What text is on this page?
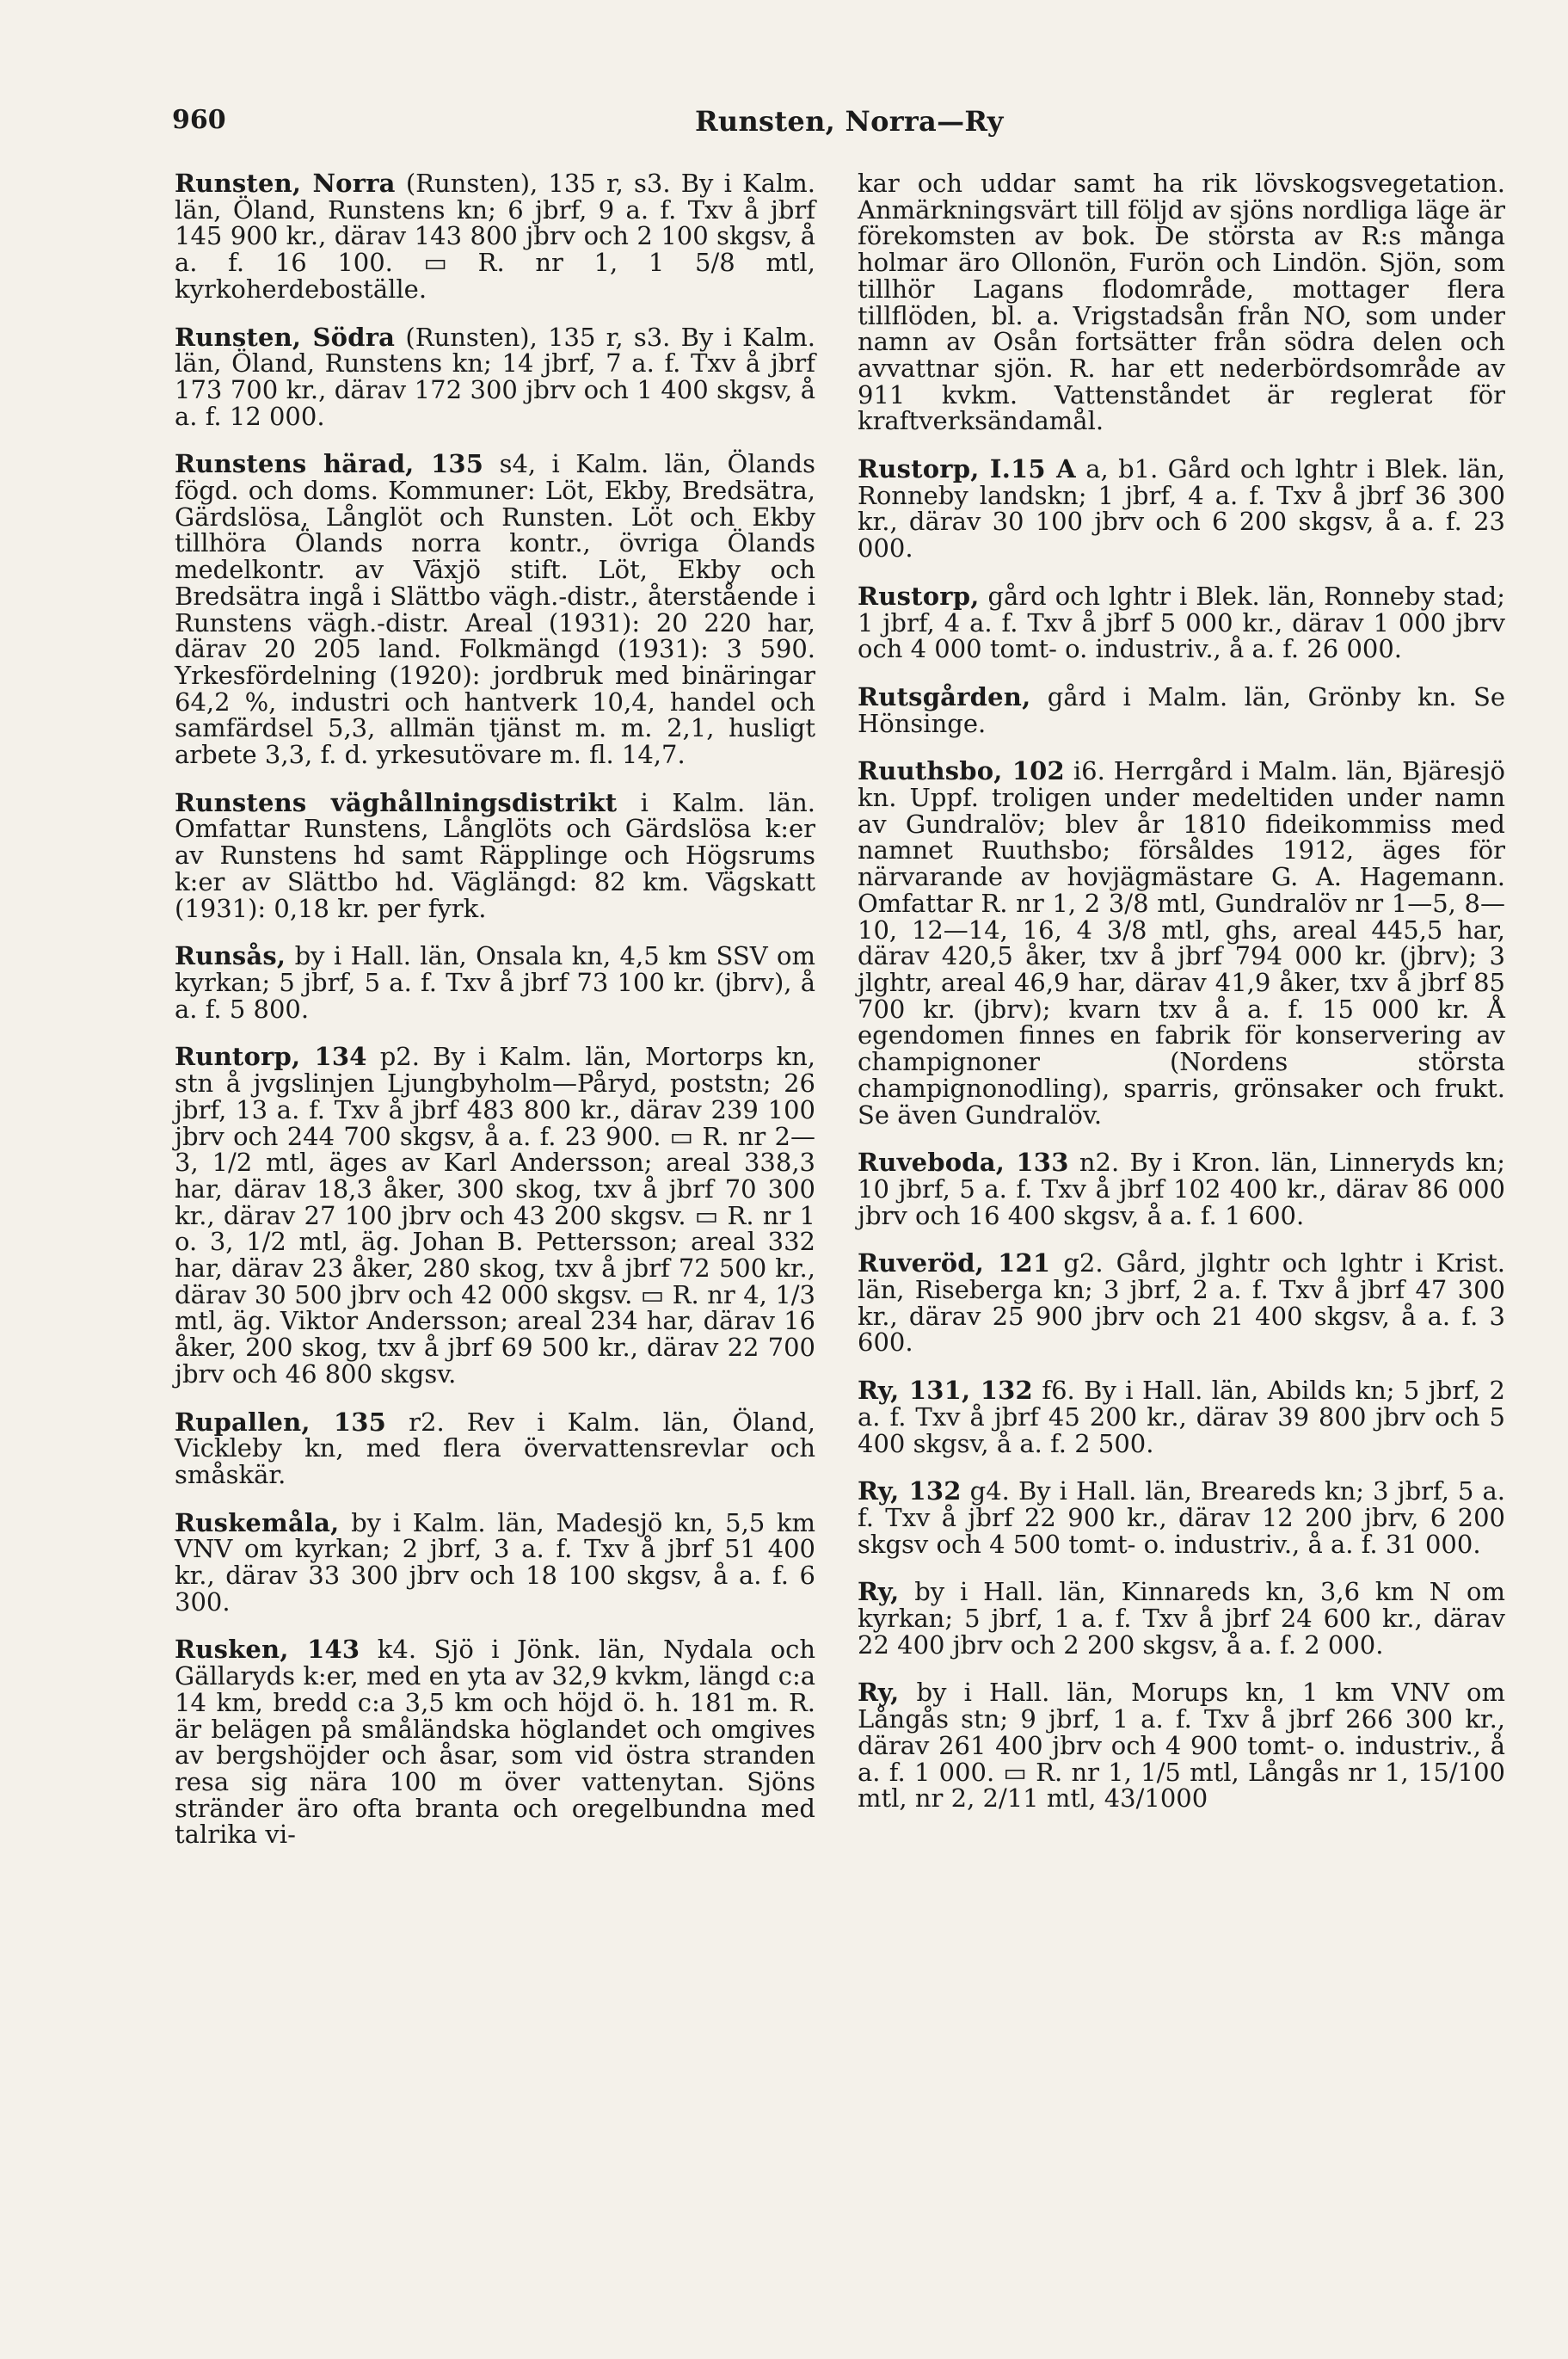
960	Runsten, Norra—Ry

Runsten, Norra (Runsten), 135 r, s3. By i Kalm. län, Öland, Runstens kn; 6 jbrf, 9 a. f. Txv å jbrf 145 900 kr., därav 143 800 jbrv och 2 100 skgsv, å a. f. 16 100. ▭ R. nr 1, 1 5/8 mtl, kyrkoherdeboställe.

Runsten, Södra (Runsten), 135 r, s3. By i Kalm. län, Öland, Runstens kn; 14 jbrf, 7 a. f. Txv å jbrf 173 700 kr., därav 172 300 jbrv och 1 400 skgsv, å a. f. 12 000.

Runstens härad, 135 s4, i Kalm. län, Ölands fögd. och doms. Kommuner: Löt, Ekby, Bredsätra, Gärdslösa, Långlöt och Runsten. Löt och Ekby tillhöra Ölands norra kontr., övriga Ölands medelkontr. av Växjö stift. Löt, Ekby och Bredsätra ingå i Slättbo vägh.-distr., återstående i Runstens vägh.-distr. Areal (1931): 20 220 har, därav 20 205 land. Folkmängd (1931): 3 590. Yrkesfördelning (1920): jordbruk med binäringar 64,2 %, industri och hantverk 10,4, handel och samfärdsel 5,3, allmän tjänst m. m. 2,1, husligt arbete 3,3, f. d. yrkesutövare m. fl. 14,7.

Runstens väghållningsdistrikt i Kalm. län. Omfattar Runstens, Långlöts och Gärdslösa k:er av Runstens hd samt Räpplinge och Högsrums k:er av Slättbo hd. Väglängd: 82 km. Vägskatt (1931): 0,18 kr. per fyrk.

Runsås, by i Hall. län, Onsala kn, 4,5 km SSV om kyrkan; 5 jbrf, 5 a. f. Txv å jbrf 73 100 kr. (jbrv), å a. f. 5 800.

Runtorp, 134 p2. By i Kalm. län, Mortorps kn, stn å jvgslinjen Ljungbyholm—Påryd, poststn; 26 jbrf, 13 a. f. Txv å jbrf 483 800 kr., därav 239 100 jbrv och 244 700 skgsv, å a. f. 23 900. ▭ R. nr 2—3, 1/2 mtl, äges av Karl Andersson; areal 338,3 har, därav 18,3 åker, 300 skog, txv å jbrf 70 300 kr., därav 27 100 jbrv och 43 200 skgsv. ▭ R. nr 1 o. 3, 1/2 mtl, äg. Johan B. Pettersson; areal 332 har, därav 23 åker, 280 skog, txv å jbrf 72 500 kr., därav 30 500 jbrv och 42 000 skgsv. ▭ R. nr 4, 1/3 mtl, äg. Viktor Andersson; areal 234 har, därav 16 åker, 200 skog, txv å jbrf 69 500 kr., därav 22 700 jbrv och 46 800 skgsv.

Rupallen, 135 r2. Rev i Kalm. län, Öland, Vickleby kn, med flera övervattensrevlar och småskär.

Ruskemåla, by i Kalm. län, Madesjö kn, 5,5 km VNV om kyrkan; 2 jbrf, 3 a. f. Txv å jbrf 51 400 kr., därav 33 300 jbrv och 18 100 skgsv, å a. f. 6 300.

Rusken, 143 k4. Sjö i Jönk. län, Nydala och Gällaryds k:er, med en yta av 32,9 kvkm, längd c:a 14 km, bredd c:a 3,5 km och höjd ö. h. 181 m. R. är belägen på småländska höglandet och omgives av bergshöjder och åsar, som vid östra stranden resa sig nära 100 m över vattenytan. Sjöns stränder äro ofta branta och oregelbundna med talrika vi-

kar och uddar samt ha rik lövskogsvegetation. Anmärkningsvärt till följd av sjöns nordliga läge är förekomsten av bok. De största av R:s många holmar äro Ollonön, Furön och Lindön. Sjön, som tillhör Lagans flodområde, mottager flera tillflöden, bl. a. Vrigstadsån från NO, som under namn av Osån fortsätter från södra delen och avvattnar sjön. R. har ett nederbördsområde av 911 kvkm. Vattenståndet är reglerat för kraftverksändamål.

Rustorp, I.15 A a, b1. Gård och lghtr i Blek. län, Ronneby landskn; 1 jbrf, 4 a. f. Txv å jbrf 36 300 kr., därav 30 100 jbrv och 6 200 skgsv, å a. f. 23 000.

Rustorp, gård och lghtr i Blek. län, Ronneby stad; 1 jbrf, 4 a. f. Txv å jbrf 5 000 kr., därav 1 000 jbrv och 4 000 tomt- o. industriv., å a. f. 26 000.

Rutsgården, gård i Malm. län, Grönby kn. Se Hönsinge.

Ruuthsbo, 102 i6. Herrgård i Malm. län, Bjäresjö kn. Uppf. troligen under medeltiden under namn av Gundralöv; blev år 1810 fideikommiss med namnet Ruuthsbo; försåldes 1912, äges för närvarande av hovjägmästare G. A. Hagemann. Omfattar R. nr 1, 2 3/8 mtl, Gundralöv nr 1—5, 8—10, 12—14, 16, 4 3/8 mtl, ghs, areal 445,5 har, därav 420,5 åker, txv å jbrf 794 000 kr. (jbrv); 3 jlghtr, areal 46,9 har, därav 41,9 åker, txv å jbrf 85 700 kr. (jbrv); kvarn txv å a. f. 15 000 kr. Å egendomen finnes en fabrik för konservering av champignoner (Nordens största champignonodling), sparris, grönsaker och frukt. Se även Gundralöv.

Ruveboda, 133 n2. By i Kron. län, Linneryds kn; 10 jbrf, 5 a. f. Txv å jbrf 102 400 kr., därav 86 000 jbrv och 16 400 skgsv, å a. f. 1 600.

Ruveröd, 121 g2. Gård, jlghtr och lghtr i Krist. län, Riseberga kn; 3 jbrf, 2 a. f. Txv å jbrf 47 300 kr., därav 25 900 jbrv och 21 400 skgsv, å a. f. 3 600.

Ry, 131, 132 f6. By i Hall. län, Abilds kn; 5 jbrf, 2 a. f. Txv å jbrf 45 200 kr., därav 39 800 jbrv och 5 400 skgsv, å a. f. 2 500.

Ry, 132 g4. By i Hall. län, Breareds kn; 3 jbrf, 5 a. f. Txv å jbrf 22 900 kr., därav 12 200 jbrv, 6 200 skgsv och 4 500 tomt- o. industriv., å a. f. 31 000.

Ry, by i Hall. län, Kinnareds kn, 3,6 km N om kyrkan; 5 jbrf, 1 a. f. Txv å jbrf 24 600 kr., därav 22 400 jbrv och 2 200 skgsv, å a. f. 2 000.

Ry, by i Hall. län, Morups kn, 1 km VNV om Långås stn; 9 jbrf, 1 a. f. Txv å jbrf 266 300 kr., därav 261 400 jbrv och 4 900 tomt- o. industriv., å a. f. 1 000. ▭ R. nr 1, 1/5 mtl, Långås nr 1, 15/100 mtl, nr 2, 2/11 mtl, 43/1000
